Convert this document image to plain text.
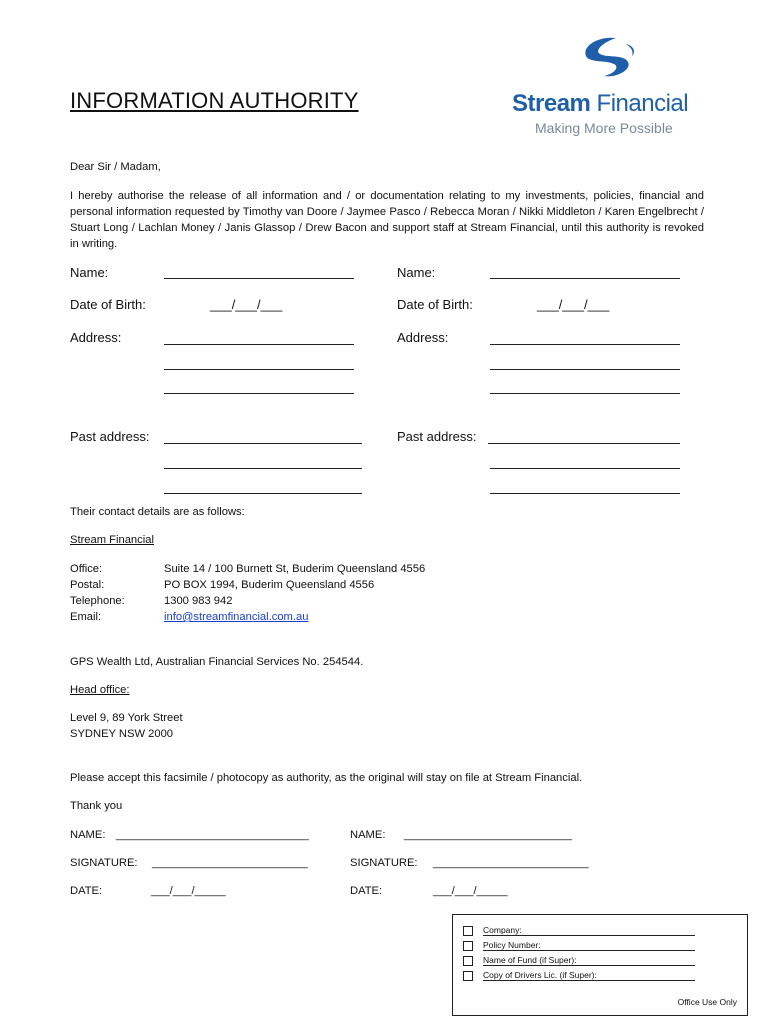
INFORMATION AUTHORITY	Stream Financial
Making More Possible
Dear Sir / Madam,
I hereby authorise the release of all information and / or documentation relating to my investments, policies, financial and personal information requested by Timothy van Doore / Jaymee Pasco / Rebecca Moran / Nikki Middleton / Karen Engelbrecht / Stuart Long / Lachlan Money / Janis Glassop / Drew Bacon and support staff at Stream Financial, until this authority is revoked in writing.
Name:
Date of Birth:	___/___/___
Address:
Past address:
Name:
Date of Birth:	___/___/___
Address:
Past address:
Their contact details are as follows:
Stream Financial
Office:	Suite 14 / 100 Burnett St, Buderim Queensland 4556
Postal:	PO BOX 1994, Buderim Queensland 4556
Telephone:	1300 983 942
Email:	info@streamfinancial.com.au
GPS Wealth Ltd, Australian Financial Services No. 254544.
Head office:
Level 9, 89 York Street
SYDNEY NSW 2000
Please accept this facsimile / photocopy as authority, as the original will stay on file at Stream Financial.
Thank you
NAME: _______________________________	NAME: ___________________________
SIGNATURE: _________________________	SIGNATURE: _________________________
DATE:	___/___/_____	DATE:	___/___/_____
Company:
Policy Number:
Name of Fund (if Super):
Copy of Drivers Lic. (if Super):
Office Use Only
